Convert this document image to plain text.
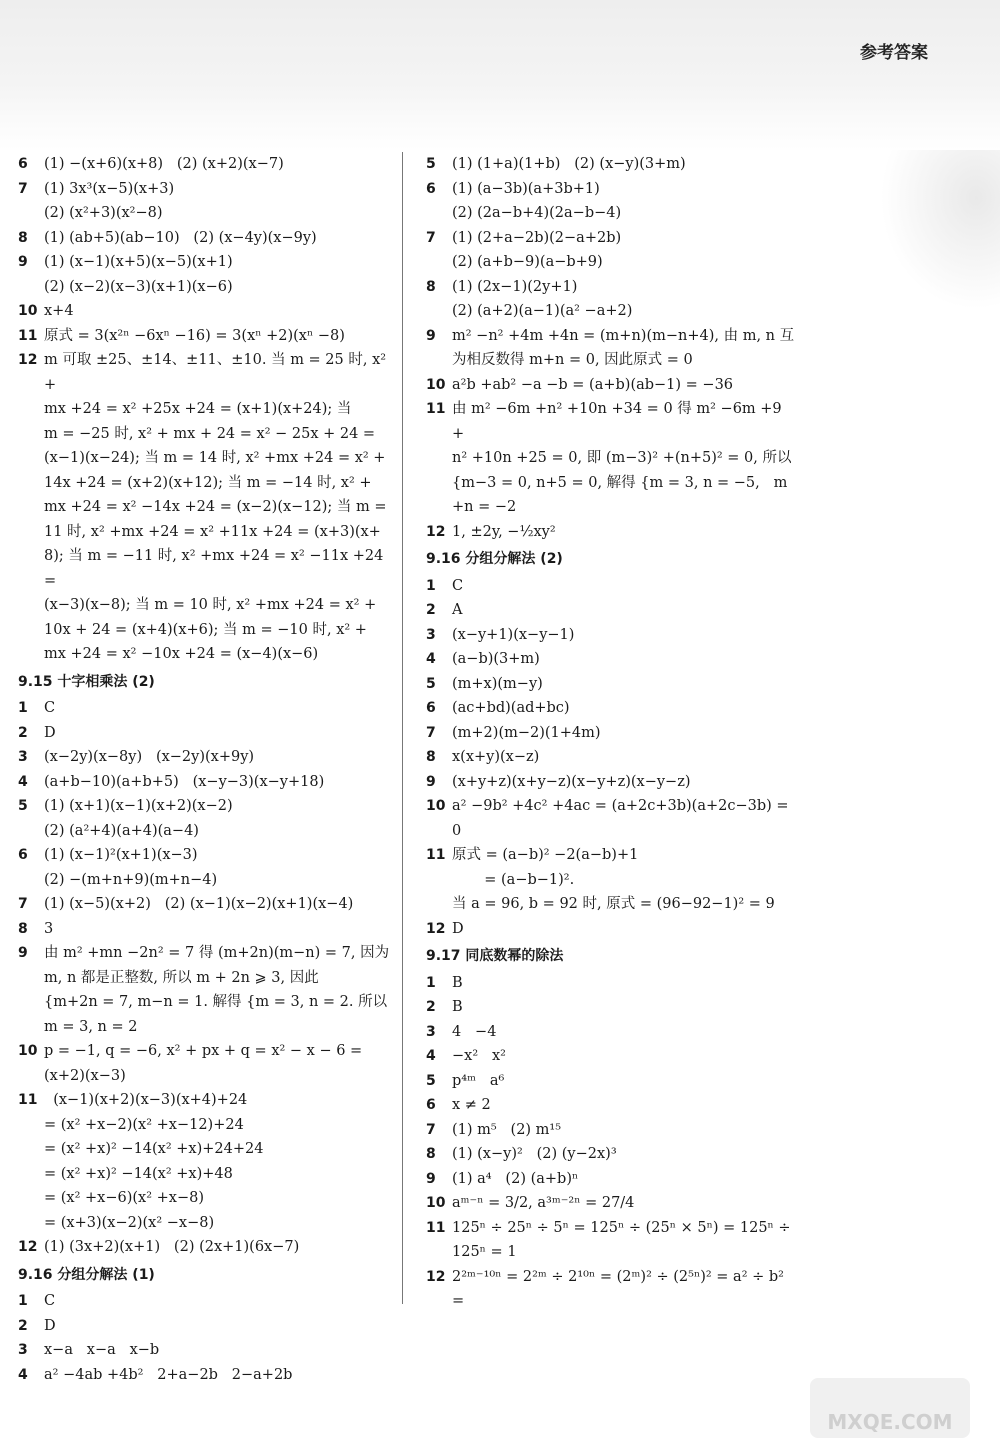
参考答案
6	(1) −(x+6)(x+8)   (2) (x+2)(x−7)
7	(1) 3x³(x−5)(x+3)
(2) (x²+3)(x²−8)
8	(1) (ab+5)(ab−10)   (2) (x−4y)(x−9y)
9	(1) (x−1)(x+5)(x−5)(x+1)
(2) (x−2)(x−3)(x+1)(x−6)
10 x+4
11 原式 = 3(x²ⁿ −6xⁿ −16) = 3(xⁿ +2)(xⁿ −8)
12 m 可取 ±25、±14、±11、±10. 当 m = 25 时, x² +
mx +24 = x² +25x +24 = (x+1)(x+24); 当
m = −25 时, x² + mx + 24 = x² − 25x + 24 =
(x−1)(x−24); 当 m = 14 时, x² +mx +24 = x² +
14x +24 = (x+2)(x+12); 当 m = −14 时, x² +
mx +24 = x² −14x +24 = (x−2)(x−12); 当 m =
11 时, x² +mx +24 = x² +11x +24 = (x+3)(x+
8); 当 m = −11 时, x² +mx +24 = x² −11x +24 =
(x−3)(x−8); 当 m = 10 时, x² +mx +24 = x² +
10x + 24 = (x+4)(x+6); 当 m = −10 时, x² +
mx +24 = x² −10x +24 = (x−4)(x−6)
9.15 十字相乘法 (2)
1	C
2	D
3	(x−2y)(x−8y)   (x−2y)(x+9y)
4	(a+b−10)(a+b+5)   (x−y−3)(x−y+18)
5	(1) (x+1)(x−1)(x+2)(x−2)
(2) (a²+4)(a+4)(a−4)
6	(1) (x−1)²(x+1)(x−3)
(2) −(m+n+9)(m+n−4)
7	(1) (x−5)(x+2)   (2) (x−1)(x−2)(x+1)(x−4)
8	3
9	由 m² +mn −2n² = 7 得 (m+2n)(m−n) = 7, 因为
m, n 都是正整数, 所以 m + 2n ⩾ 3, 因此
{m+2n = 7, m−n = 1. 解得 {m = 3, n = 2. 所以 m = 3, n = 2
10 p = −1, q = −6, x² + px + q = x² − x − 6 =
(x+2)(x−3)
11 (x−1)(x+2)(x−3)(x+4)+24
= (x² +x−2)(x² +x−12)+24
= (x² +x)² −14(x² +x)+24+24
= (x² +x)² −14(x² +x)+48
= (x² +x−6)(x² +x−8)
= (x+3)(x−2)(x² −x−8)
12 (1) (3x+2)(x+1)   (2) (2x+1)(6x−7)
9.16 分组分解法 (1)
1	C
2	D
3	x−a   x−a   x−b
4	a² −4ab +4b²   2+a−2b   2−a+2b
5	(1) (1+a)(1+b)   (2) (x−y)(3+m)
6	(1) (a−3b)(a+3b+1)
(2) (2a−b+4)(2a−b−4)
7	(1) (2+a−2b)(2−a+2b)
(2) (a+b−9)(a−b+9)
8	(1) (2x−1)(2y+1)
(2) (a+2)(a−1)(a² −a+2)
9	m² −n² +4m +4n = (m+n)(m−n+4), 由 m, n 互
为相反数得 m+n = 0, 因此原式 = 0
10 a²b +ab² −a −b = (a+b)(ab−1) = −36
11 由 m² −6m +n² +10n +34 = 0 得 m² −6m +9 +
n² +10n +25 = 0, 即 (m−3)² +(n+5)² = 0, 所以
{m−3 = 0, n+5 = 0, 解得 {m = 3, n = −5,   m+n = −2
12 1, ±2y, −½xy²
9.16 分组分解法 (2)
1	C
2	A
3	(x−y+1)(x−y−1)
4	(a−b)(3+m)
5	(m+x)(m−y)
6	(ac+bd)(ad+bc)
7	(m+2)(m−2)(1+4m)
8	x(x+y)(x−z)
9	(x+y+z)(x+y−z)(x−y+z)(x−y−z)
10 a² −9b² +4c² +4ac = (a+2c+3b)(a+2c−3b) = 0
11 原式 = (a−b)² −2(a−b)+1
= (a−b−1)².
当 a = 96, b = 92 时, 原式 = (96−92−1)² = 9
12 D
9.17 同底数幂的除法
1	B
2	B
3	4   −4
4	−x²   x²
5	p⁴ᵐ   a⁶
6	x ≠ 2
7	(1) m⁵   (2) m¹⁵
8	(1) (x−y)²   (2) (y−2x)³
9	(1) a⁴   (2) (a+b)ⁿ
10 aᵐ⁻ⁿ = 3/2, a³ᵐ⁻²ⁿ = 27/4
11 125ⁿ ÷ 25ⁿ ÷ 5ⁿ = 125ⁿ ÷ (25ⁿ × 5ⁿ) = 125ⁿ ÷
125ⁿ = 1
12 2²ᵐ⁻¹⁰ⁿ = 2²ᵐ ÷ 2¹⁰ⁿ = (2ᵐ)² ÷ (2⁵ⁿ)² = a² ÷ b² =
MXQE.COM
